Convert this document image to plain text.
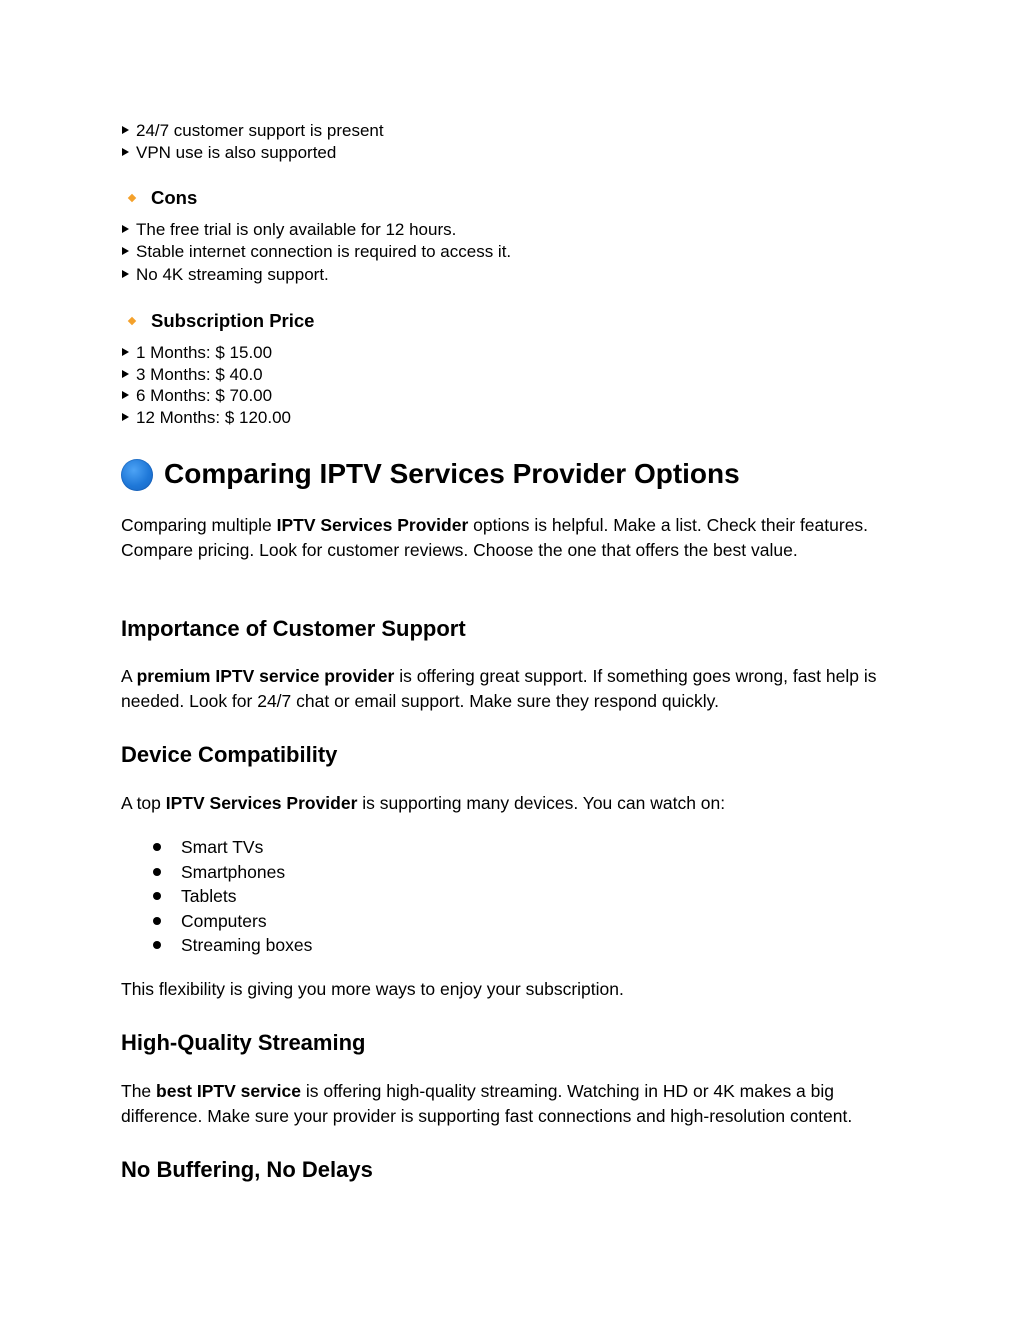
24/7 customer support is present
VPN use is also supported
Cons
The free trial is only available for 12 hours.
Stable internet connection is required to access it.
No 4K streaming support.
Subscription Price
1 Months: $ 15.00
3 Months: $ 40.0
6 Months: $ 70.00
12 Months: $ 120.00
Comparing IPTV Services Provider Options

Comparing multiple IPTV Services Provider options is helpful. Make a list. Check their features. Compare pricing. Look for customer reviews. Choose the one that offers the best value.

Importance of Customer Support

A premium IPTV service provider is offering great support. If something goes wrong, fast help is needed. Look for 24/7 chat or email support. Make sure they respond quickly.

Device Compatibility

A top IPTV Services Provider is supporting many devices. You can watch on:

Smart TVs
Smartphones
Tablets
Computers
Streaming boxes

This flexibility is giving you more ways to enjoy your subscription.

High-Quality Streaming

The best IPTV service is offering high-quality streaming. Watching in HD or 4K makes a big difference. Make sure your provider is supporting fast connections and high-resolution content.

No Buffering, No Delays
